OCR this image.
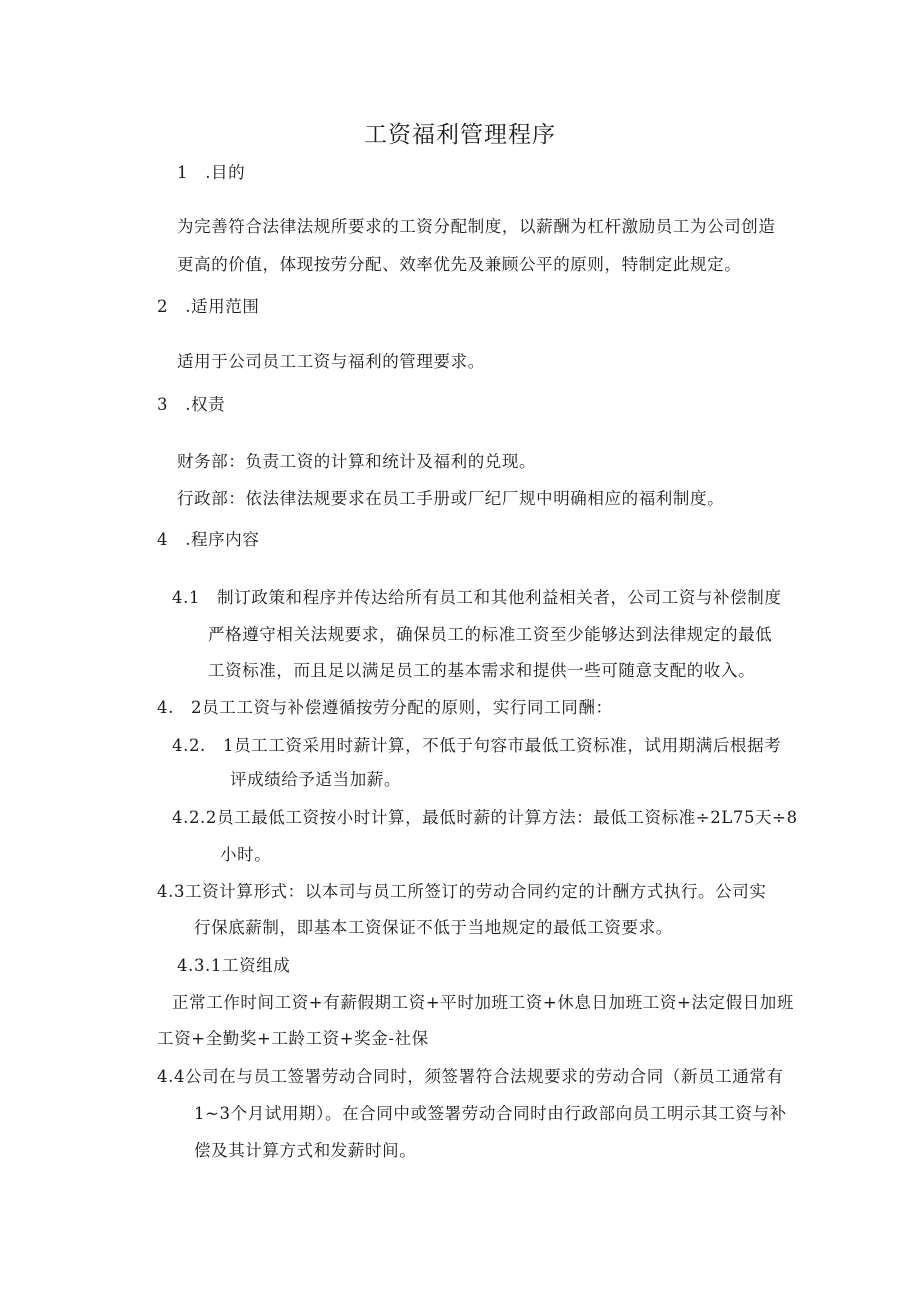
工资福利管理程序
1　.目的
为完善符合法律法规所要求的工资分配制度，以薪酬为杠杆激励员工为公司创造
更高的价值，体现按劳分配、效率优先及兼顾公平的原则，特制定此规定。
2　.适用范围
适用于公司员工工资与福利的管理要求。
3　.权责
财务部：负责工资的计算和统计及福利的兑现。
行政部：依法律法规要求在员工手册或厂纪厂规中明确相应的福利制度。
4　.程序内容
4.1　制订政策和程序并传达给所有员工和其他利益相关者，公司工资与补偿制度
严格遵守相关法规要求，确保员工的标准工资至少能够达到法律规定的最低
工资标准，而且足以满足员工的基本需求和提供一些可随意支配的收入。
4.　2员工工资与补偿遵循按劳分配的原则，实行同工同酬：
4.2.　1员工工资采用时薪计算，不低于句容市最低工资标准，试用期满后根据考
评成绩给予适当加薪。
4.2.2员工最低工资按小时计算，最低时薪的计算方法：最低工资标准÷2L75天÷8
小时。
4.3工资计算形式：以本司与员工所签订的劳动合同约定的计酬方式执行。公司实
行保底薪制，即基本工资保证不低于当地规定的最低工资要求。
4.3.1工资组成
正常工作时间工资+有薪假期工资+平时加班工资+休息日加班工资+法定假日加班
工资+全勤奖+工龄工资+奖金-社保
4.4公司在与员工签署劳动合同时，须签署符合法规要求的劳动合同（新员工通常有
1~3个月试用期）。在合同中或签署劳动合同时由行政部向员工明示其工资与补
偿及其计算方式和发薪时间。
